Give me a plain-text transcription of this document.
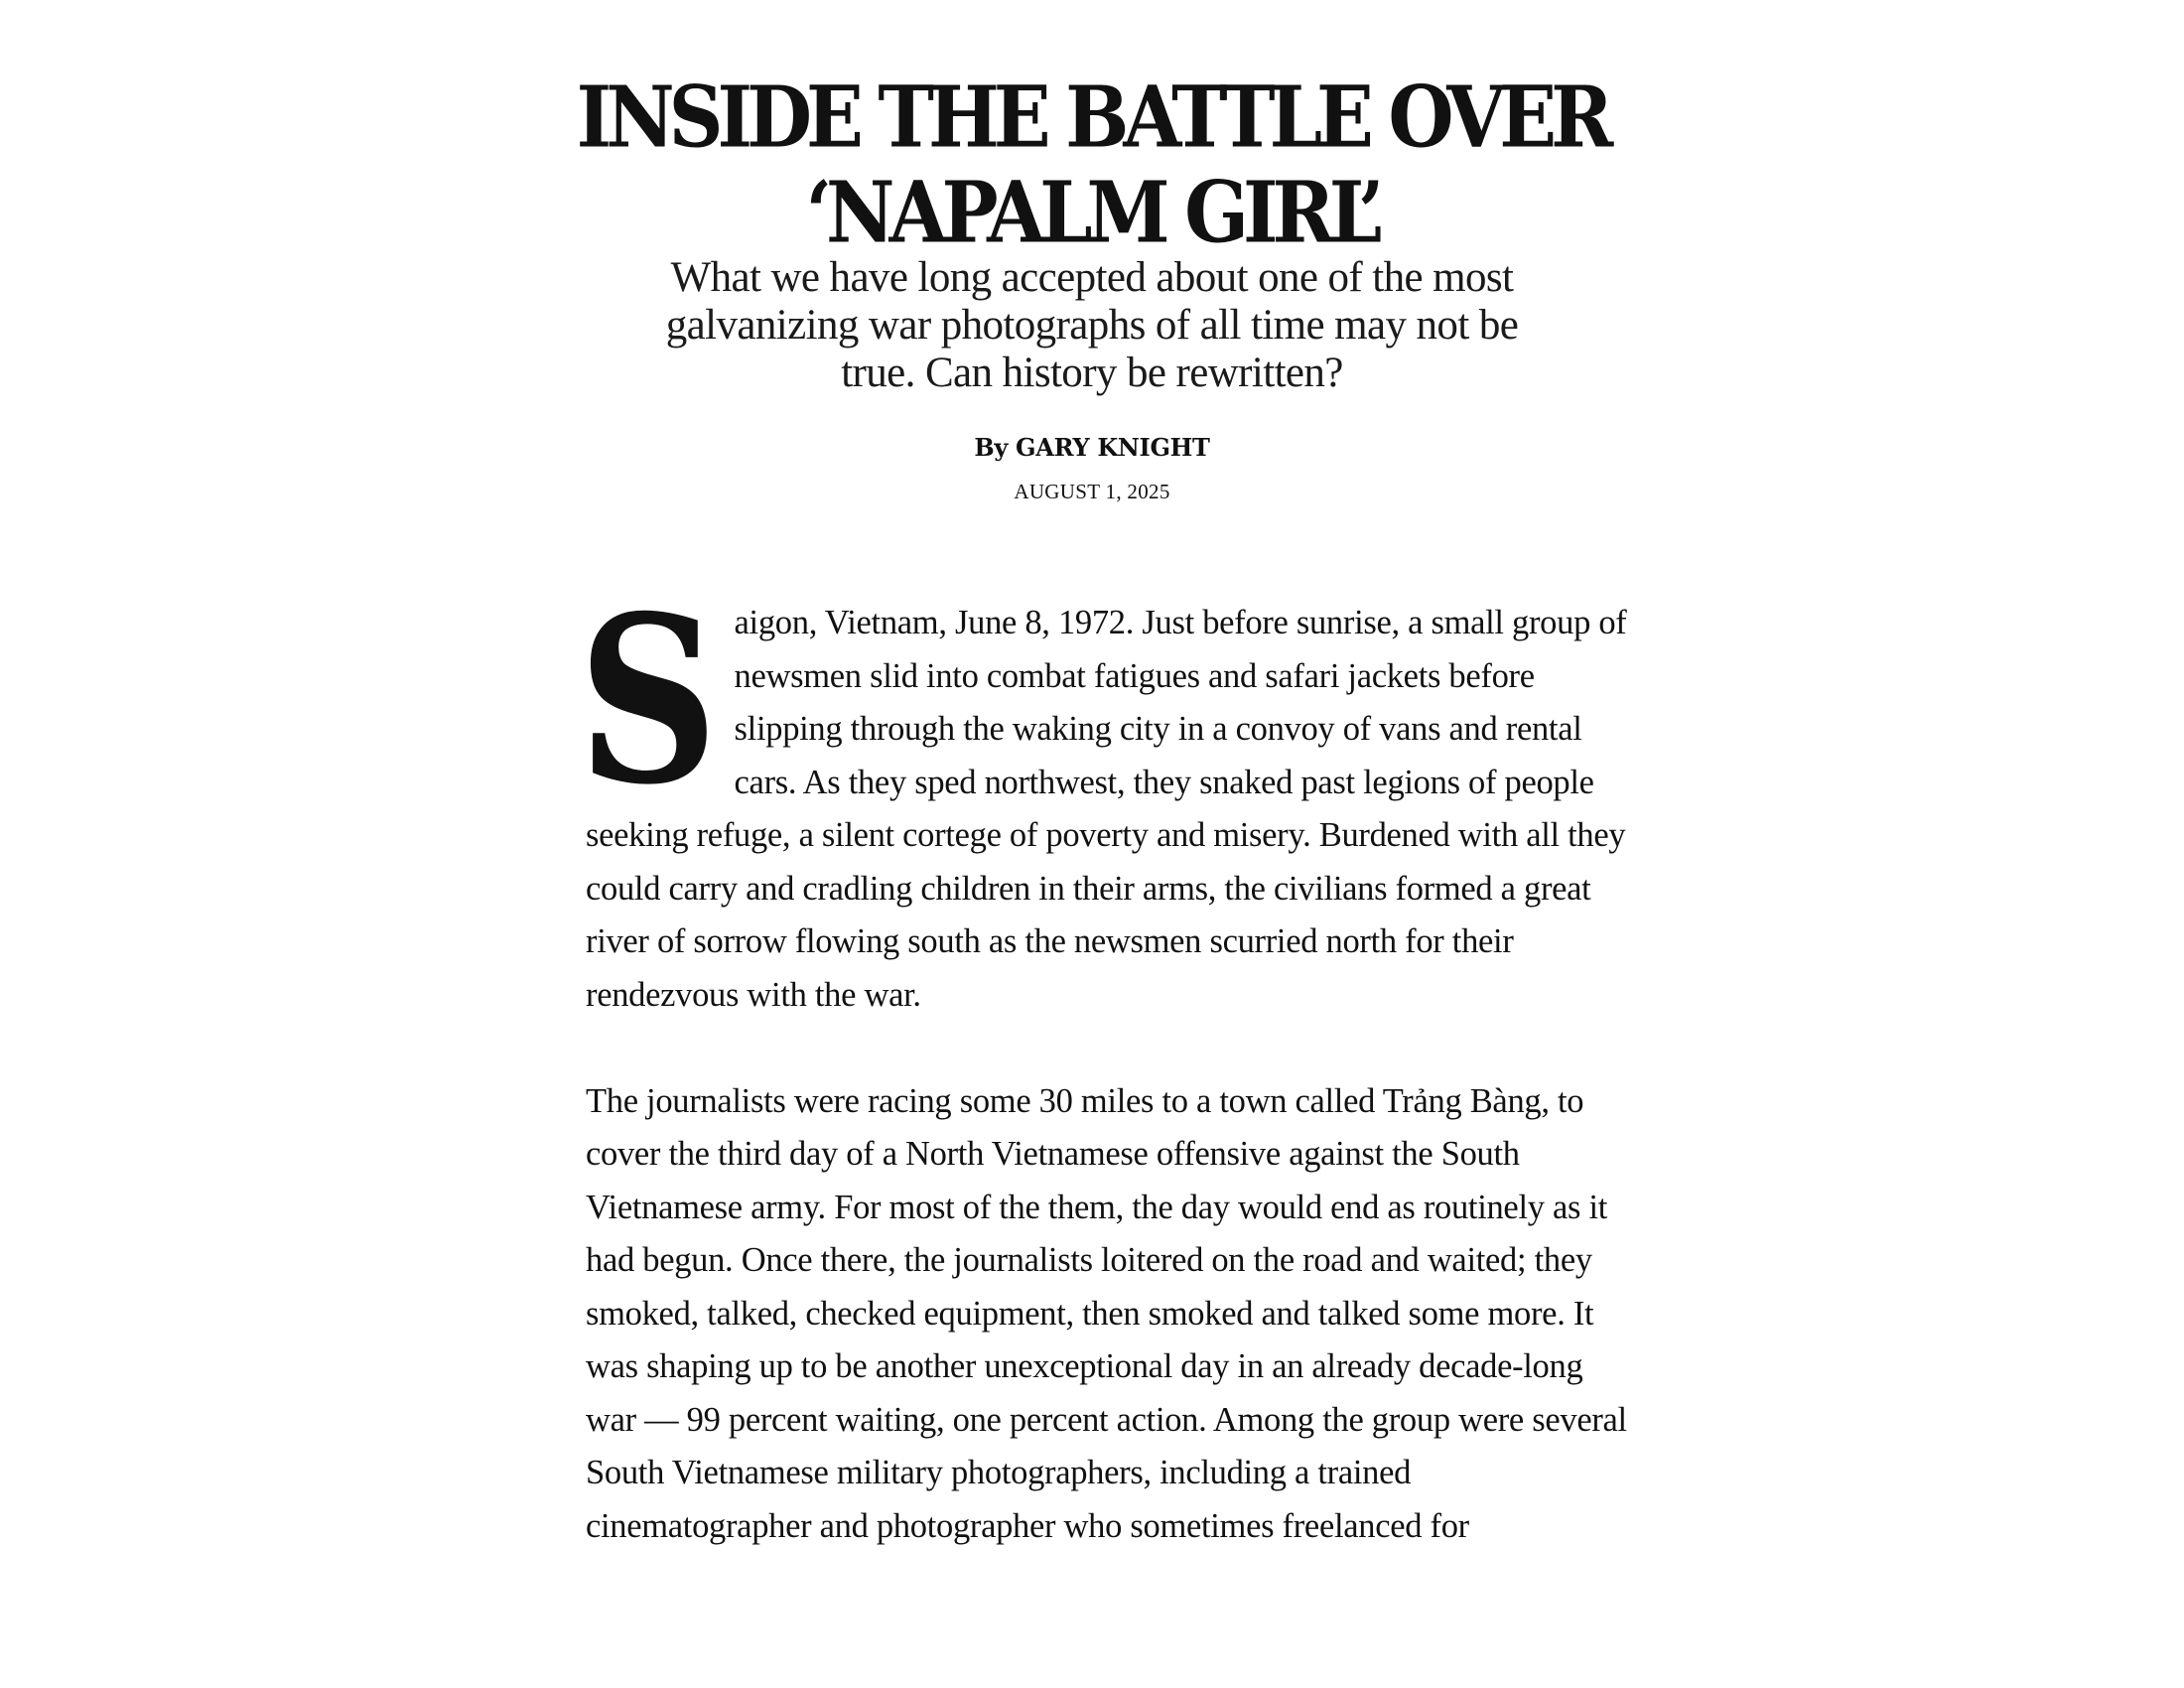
INSIDE THE BATTLE OVER
‘NAPALM GIRL’
What we have long accepted about one of the most galvanizing war photographs of all time may not be true. Can history be rewritten?
By GARY KNIGHT
AUGUST 1, 2025

Saigon, Vietnam, June 8, 1972. Just before sunrise, a small group of newsmen slid into combat fatigues and safari jackets before slipping through the waking city in a convoy of vans and rental cars. As they sped northwest, they snaked past legions of people seeking refuge, a silent cortege of poverty and misery. Burdened with all they could carry and cradling children in their arms, the civilians formed a great river of sorrow flowing south as the newsmen scurried north for their rendezvous with the war.

The journalists were racing some 30 miles to a town called Trảng Bàng, to cover the third day of a North Vietnamese offensive against the South Vietnamese army. For most of the them, the day would end as routinely as it had begun. Once there, the journalists loitered on the road and waited; they smoked, talked, checked equipment, then smoked and talked some more. It was shaping up to be another unexceptional day in an already decade-long war — 99 percent waiting, one percent action. Among the group were several South Vietnamese military photographers, including a trained cinematographer and photographer who sometimes freelanced for
